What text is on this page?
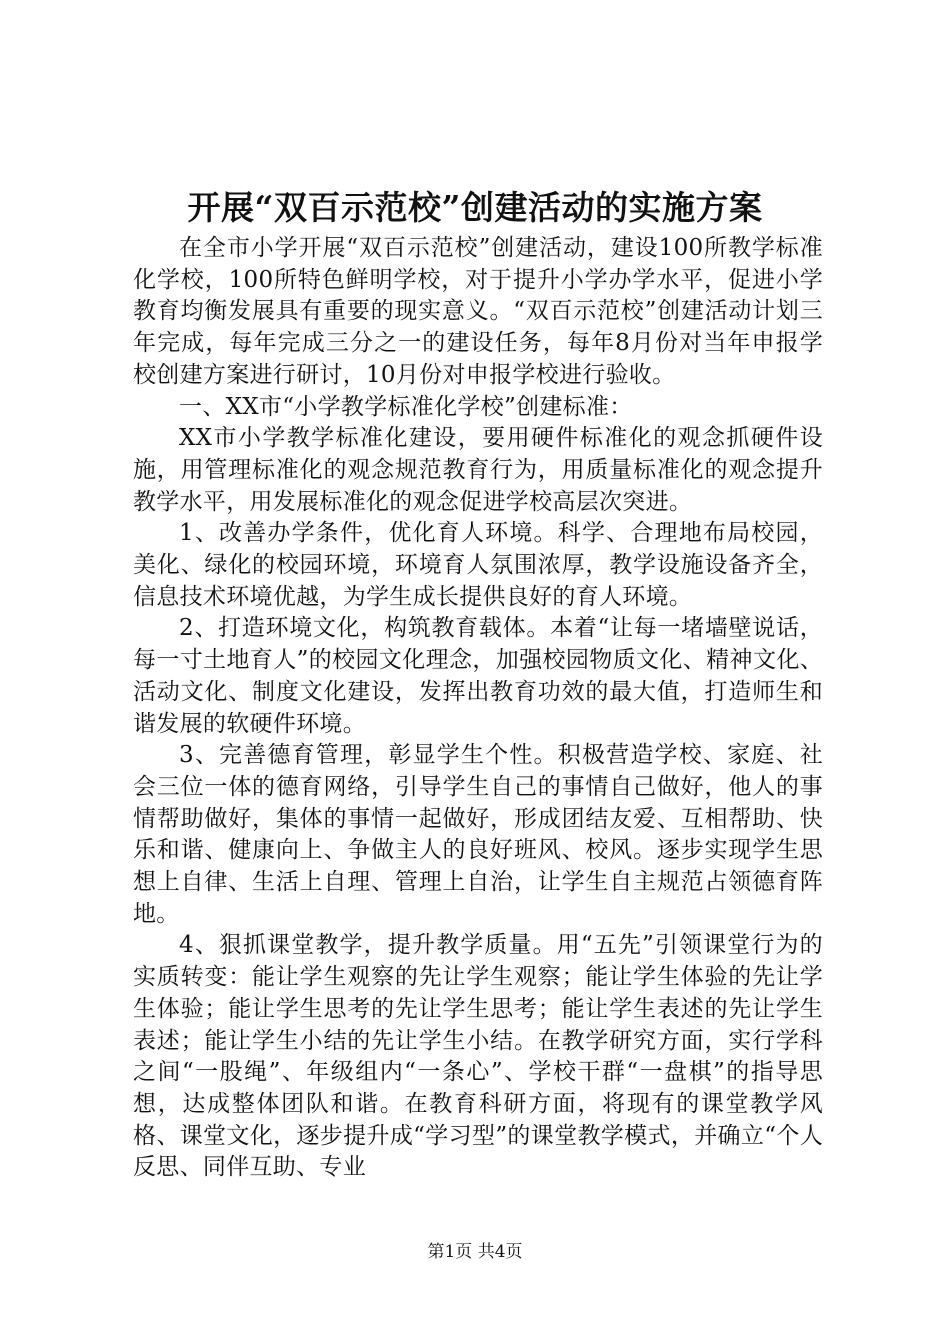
开展“双百示范校”创建活动的实施方案

在全市小学开展“双百示范校”创建活动，建设100所教学标准化学校，100所特色鲜明学校，对于提升小学办学水平，促进小学教育均衡发展具有重要的现实意义。“双百示范校”创建活动计划三年完成，每年完成三分之一的建设任务，每年8月份对当年申报学校创建方案进行研讨，10月份对申报学校进行验收。

一、XX市“小学教学标准化学校”创建标准：

XX市小学教学标准化建设，要用硬件标准化的观念抓硬件设施，用管理标准化的观念规范教育行为，用质量标准化的观念提升教学水平，用发展标准化的观念促进学校高层次突进。

1、改善办学条件，优化育人环境。科学、合理地布局校园，美化、绿化的校园环境，环境育人氛围浓厚，教学设施设备齐全，信息技术环境优越，为学生成长提供良好的育人环境。

2、打造环境文化，构筑教育载体。本着“让每一堵墙壁说话，每一寸土地育人”的校园文化理念，加强校园物质文化、精神文化、活动文化、制度文化建设，发挥出教育功效的最大值，打造师生和谐发展的软硬件环境。

3、完善德育管理，彰显学生个性。积极营造学校、家庭、社会三位一体的德育网络，引导学生自己的事情自己做好，他人的事情帮助做好，集体的事情一起做好，形成团结友爱、互相帮助、快乐和谐、健康向上、争做主人的良好班风、校风。逐步实现学生思想上自律、生活上自理、管理上自治，让学生自主规范占领德育阵地。

4、狠抓课堂教学，提升教学质量。用“五先”引领课堂行为的实质转变：能让学生观察的先让学生观察；能让学生体验的先让学生体验；能让学生思考的先让学生思考；能让学生表述的先让学生表述；能让学生小结的先让学生小结。在教学研究方面，实行学科之间“一股绳”、年级组内“一条心”、学校干群“一盘棋”的指导思想，达成整体团队和谐。在教育科研方面，将现有的课堂教学风格、课堂文化，逐步提升成“学习型”的课堂教学模式，并确立“个人反思、同伴互助、专业

第1页 共4页
